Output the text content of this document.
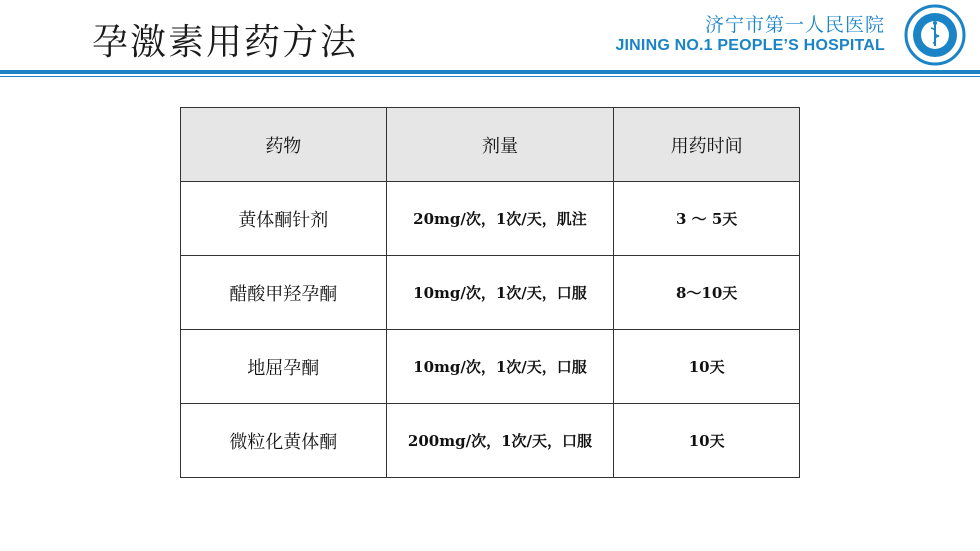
孕激素用药方法	济宁市第一人民医院
JINING NO.1 PEOPLE’S HOSPITAL
药物	剂量	用药时间
黄体酮针剂	20mg/次，1次/天，肌注	3 ～ 5天
醋酸甲羟孕酮	10mg/次，1次/天，口服	8～10天
地屈孕酮	10mg/次，1次/天，口服	10天
微粒化黄体酮	200mg/次，1次/天，口服	10天
